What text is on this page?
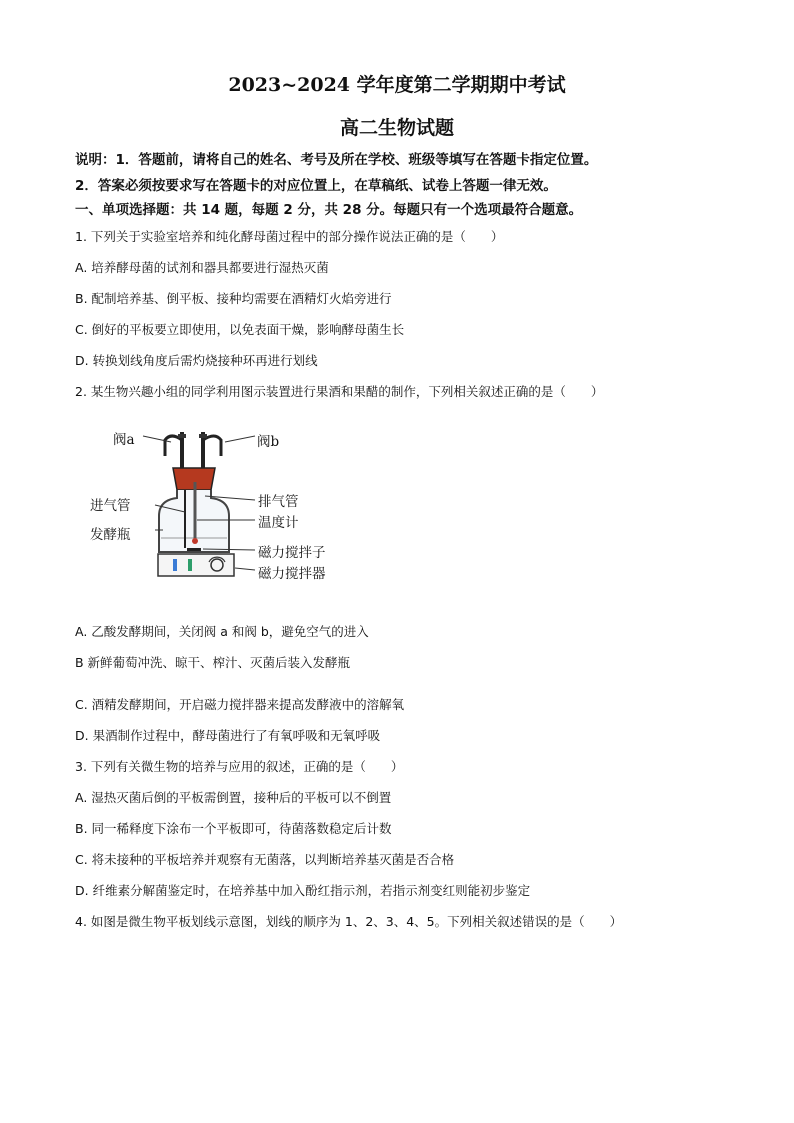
2023~2024 学年度第二学期期中考试
高二生物试题
说明：1．答题前，请将自己的姓名、考号及所在学校、班级等填写在答题卡指定位置。
2．答案必须按要求写在答题卡的对应位置上，在草稿纸、试卷上答题一律无效。
一、单项选择题：共 14 题，每题 2 分，共 28 分。每题只有一个选项最符合题意。
1. 下列关于实验室培养和纯化酵母菌过程中的部分操作说法正确的是（　　）
A. 培养酵母菌的试剂和器具都要进行湿热灭菌
B. 配制培养基、倒平板、接种均需要在酒精灯火焰旁进行
C. 倒好的平板要立即使用，以免表面干燥，影响酵母菌生长
D. 转换划线角度后需灼烧接种环再进行划线
2. 某生物兴趣小组的同学利用图示装置进行果酒和果醋的制作，下列相关叙述正确的是（　　）
阀a	阀b
进气管
发酵瓶
排气管
温度计
磁力搅拌子
磁力搅拌器
A. 乙酸发酵期间，关闭阀 a 和阀 b，避免空气的进入
B 新鲜葡萄冲洗、晾干、榨汁、灭菌后装入发酵瓶
C. 酒精发酵期间，开启磁力搅拌器来提高发酵液中的溶解氧
D. 果酒制作过程中，酵母菌进行了有氧呼吸和无氧呼吸
3. 下列有关微生物的培养与应用的叙述，正确的是（　　）
A. 湿热灭菌后倒的平板需倒置，接种后的平板可以不倒置
B. 同一稀释度下涂布一个平板即可，待菌落数稳定后计数
C. 将未接种的平板培养并观察有无菌落，以判断培养基灭菌是否合格
D. 纤维素分解菌鉴定时，在培养基中加入酚红指示剂，若指示剂变红则能初步鉴定
4. 如图是微生物平板划线示意图，划线的顺序为 1、2、3、4、5。下列相关叙述错误的是（　　）
